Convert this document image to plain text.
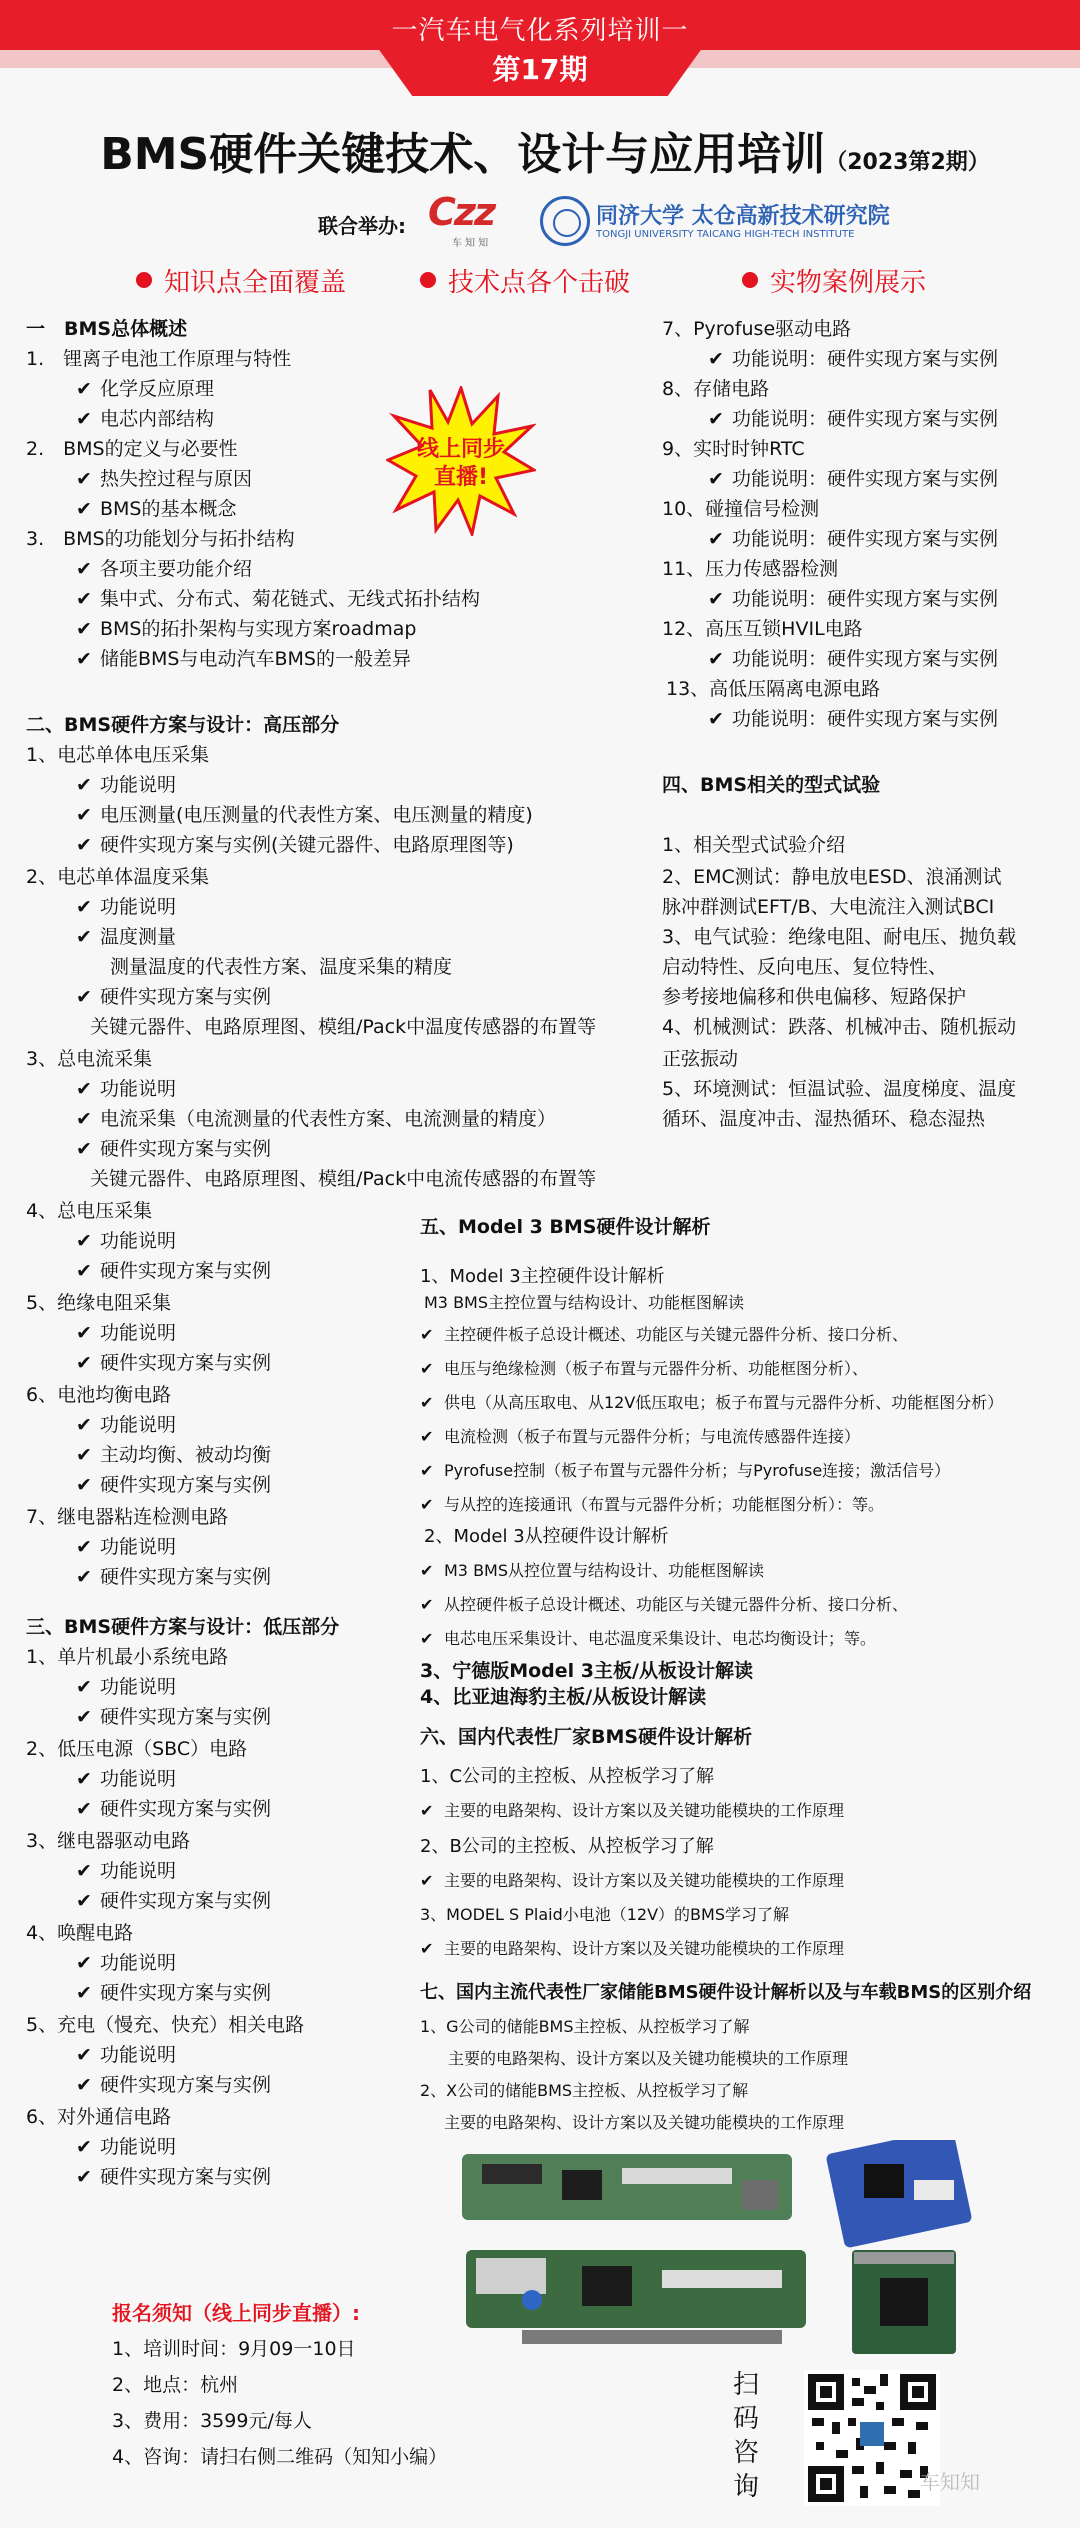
一汽车电气化系列培训一
第17期
BMS硬件关键技术、设计与应用培训（2023第2期）
联合举办: Czz
车 知 知
同济大学 太仓高新技术研究院
TONGJI UNIVERSITY TAICANG HIGH-TECH INSTITUTE
知识点全面覆盖	技术点各个击破	实物案例展示
线上同步
直播!
一　BMS总体概述
1.　锂离子电池工作原理与特性
✔ 化学反应原理
✔ 电芯内部结构
2.　BMS的定义与必要性
✔ 热失控过程与原因
✔ BMS的基本概念
3.　BMS的功能划分与拓扑结构
✔ 各项主要功能介绍
✔ 集中式、分布式、菊花链式、无线式拓扑结构
✔ BMS的拓扑架构与实现方案roadmap
✔ 储能BMS与电动汽车BMS的一般差异
二、BMS硬件方案与设计：高压部分
1、电芯单体电压采集
✔ 功能说明
✔ 电压测量(电压测量的代表性方案、电压测量的精度)
✔ 硬件实现方案与实例(关键元器件、电路原理图等)
2、电芯单体温度采集
✔ 功能说明
✔ 温度测量
测量温度的代表性方案、温度采集的精度
✔ 硬件实现方案与实例
关键元器件、电路原理图、模组/Pack中温度传感器的布置等
3、总电流采集
✔ 功能说明
✔ 电流采集（电流测量的代表性方案、电流测量的精度）
✔ 硬件实现方案与实例
关键元器件、电路原理图、模组/Pack中电流传感器的布置等
4、总电压采集
✔ 功能说明
✔ 硬件实现方案与实例
5、绝缘电阻采集
✔ 功能说明
✔ 硬件实现方案与实例
6、电池均衡电路
✔ 功能说明
✔ 主动均衡、被动均衡
✔ 硬件实现方案与实例
7、继电器粘连检测电路
✔ 功能说明
✔ 硬件实现方案与实例
三、BMS硬件方案与设计：低压部分
1、单片机最小系统电路
✔ 功能说明
✔ 硬件实现方案与实例
2、低压电源（SBC）电路
✔ 功能说明
✔ 硬件实现方案与实例
3、继电器驱动电路
✔ 功能说明
✔ 硬件实现方案与实例
4、唤醒电路
✔ 功能说明
✔ 硬件实现方案与实例
5、充电（慢充、快充）相关电路
✔ 功能说明
✔ 硬件实现方案与实例
6、对外通信电路
✔ 功能说明
✔ 硬件实现方案与实例
7、Pyrofuse驱动电路
✔ 功能说明：硬件实现方案与实例
8、存储电路
✔ 功能说明：硬件实现方案与实例
9、实时时钟RTC
✔ 功能说明：硬件实现方案与实例
10、碰撞信号检测
✔ 功能说明：硬件实现方案与实例
11、压力传感器检测
✔ 功能说明：硬件实现方案与实例
12、高压互锁HVIL电路
✔ 功能说明：硬件实现方案与实例
13、高低压隔离电源电路
✔ 功能说明：硬件实现方案与实例
四、BMS相关的型式试验
1、相关型式试验介绍
2、EMC测试：静电放电ESD、浪涌测试
脉冲群测试EFT/B、大电流注入测试BCI
3、电气试验：绝缘电阻、耐电压、抛负载
启动特性、反向电压、复位特性、
参考接地偏移和供电偏移、短路保护
4、机械测试：跌落、机械冲击、随机振动
正弦振动
5、环境测试：恒温试验、温度梯度、温度
循环、温度冲击、湿热循环、稳态湿热
五、Model 3 BMS硬件设计解析
1、Model 3主控硬件设计解析
M3 BMS主控位置与结构设计、功能框图解读
✔ 主控硬件板子总设计概述、功能区与关键元器件分析、接口分析、
✔ 电压与绝缘检测（板子布置与元器件分析、功能框图分析）、
✔ 供电（从高压取电、从12V低压取电；板子布置与元器件分析、功能框图分析）
✔ 电流检测（板子布置与元器件分析；与电流传感器件连接）
✔ Pyrofuse控制（板子布置与元器件分析；与Pyrofuse连接；激活信号）
✔ 与从控的连接通讯（布置与元器件分析；功能框图分析）：等。
2、Model 3从控硬件设计解析
✔ M3 BMS从控位置与结构设计、功能框图解读
✔ 从控硬件板子总设计概述、功能区与关键元器件分析、接口分析、
✔ 电芯电压采集设计、电芯温度采集设计、电芯均衡设计；等。
3、宁德版Model 3主板/从板设计解读
4、比亚迪海豹主板/从板设计解读
六、国内代表性厂家BMS硬件设计解析
1、C公司的主控板、从控板学习了解
✔ 主要的电路架构、设计方案以及关键功能模块的工作原理
2、B公司的主控板、从控板学习了解
✔ 主要的电路架构、设计方案以及关键功能模块的工作原理
3、MODEL S Plaid小电池（12V）的BMS学习了解
✔ 主要的电路架构、设计方案以及关键功能模块的工作原理
七、国内主流代表性厂家储能BMS硬件设计解析以及与车载BMS的区别介绍
1、G公司的储能BMS主控板、从控板学习了解
主要的电路架构、设计方案以及关键功能模块的工作原理
2、X公司的储能BMS主控板、从控板学习了解
主要的电路架构、设计方案以及关键功能模块的工作原理
报名须知（线上同步直播）:
1、培训时间：9月09一10日
2、地点：杭州
3、费用：3599元/每人
4、咨询：请扫右侧二维码（知知小编）
扫码咨询	车知知
